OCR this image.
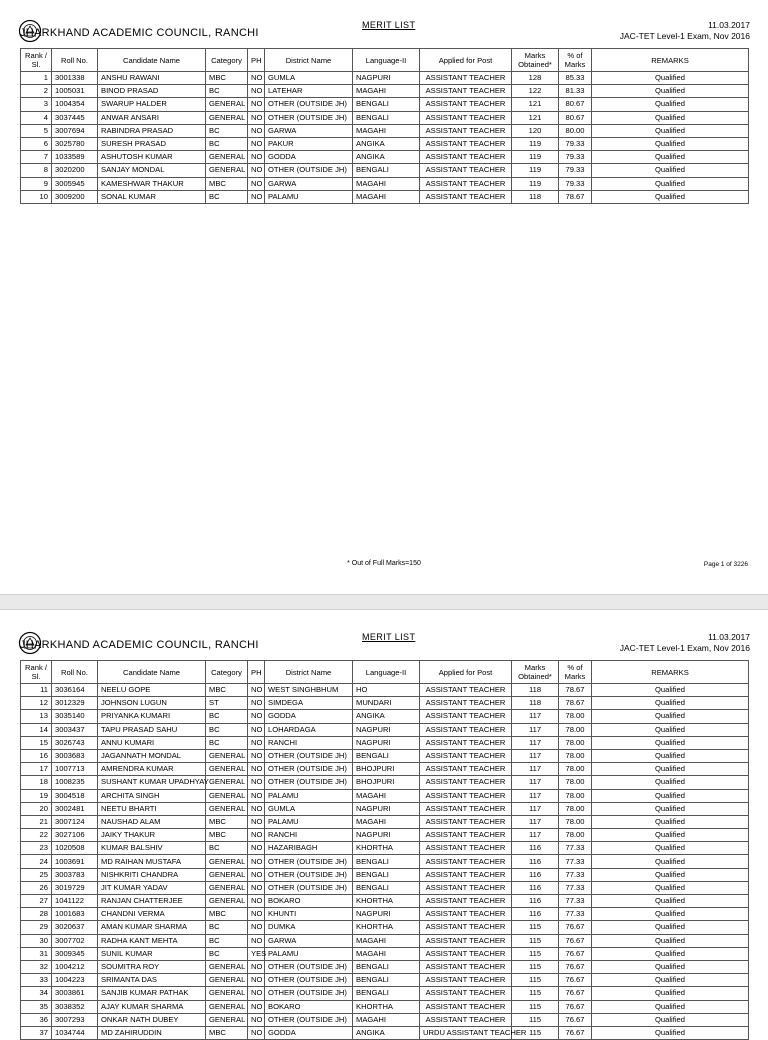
JHARKHAND ACADEMIC COUNCIL, RANCHI
MERIT LIST	11.03.2017
JAC-TET Level-1 Exam, Nov 2016
Rank / Sl.	Roll No.	Candidate Name	Category	PH	District Name	Language-II	Applied for Post	Marks Obtained*	% of Marks	REMARKS
1	3001338	ANSHU RAWANI	MBC	NO	GUMLA	NAGPURI	ASSISTANT TEACHER	128	85.33	Qualified
2	1005031	BINOD PRASAD	BC	NO	LATEHAR	MAGAHI	ASSISTANT TEACHER	122	81.33	Qualified
3	1004354	SWARUP HALDER	GENERAL	NO	OTHER (OUTSIDE JH)	BENGALI	ASSISTANT TEACHER	121	80.67	Qualified
4	3037445	ANWAR ANSARI	GENERAL	NO	OTHER (OUTSIDE JH)	BENGALI	ASSISTANT TEACHER	121	80.67	Qualified
5	3007694	RABINDRA PRASAD	BC	NO	GARWA	MAGAHI	ASSISTANT TEACHER	120	80.00	Qualified
6	3025780	SURESH PRASAD	BC	NO	PAKUR	ANGIKA	ASSISTANT TEACHER	119	79.33	Qualified
7	1033589	ASHUTOSH KUMAR	GENERAL	NO	GODDA	ANGIKA	ASSISTANT TEACHER	119	79.33	Qualified
8	3020200	SANJAY MONDAL	GENERAL	NO	OTHER (OUTSIDE JH)	BENGALI	ASSISTANT TEACHER	119	79.33	Qualified
9	3005945	KAMESHWAR THAKUR	MBC	NO	GARWA	MAGAHI	ASSISTANT TEACHER	119	79.33	Qualified
10	3009200	SONAL KUMAR	BC	NO	PALAMU	MAGAHI	ASSISTANT TEACHER	118	78.67	Qualified
* Out of Full Marks=150	Page 1 of 3226
JHARKHAND ACADEMIC COUNCIL, RANCHI
MERIT LIST	11.03.2017
JAC-TET Level-1 Exam, Nov 2016
Rank / Sl.	Roll No.	Candidate Name	Category	PH	District Name	Language-II	Applied for Post	Marks Obtained*	% of Marks	REMARKS
11	3036164	NEELU GOPE	MBC	NO	WEST SINGHBHUM	HO	ASSISTANT TEACHER	118	78.67	Qualified
12	3012329	JOHNSON LUGUN	ST	NO	SIMDEGA	MUNDARI	ASSISTANT TEACHER	118	78.67	Qualified
13	3035140	PRIYANKA KUMARI	BC	NO	GODDA	ANGIKA	ASSISTANT TEACHER	117	78.00	Qualified
14	3003437	TAPU PRASAD SAHU	BC	NO	LOHARDAGA	NAGPURI	ASSISTANT TEACHER	117	78.00	Qualified
15	3026743	ANNU KUMARI	BC	NO	RANCHI	NAGPURI	ASSISTANT TEACHER	117	78.00	Qualified
16	3003683	JAGANNATH MONDAL	GENERAL	NO	OTHER (OUTSIDE JH)	BENGALI	ASSISTANT TEACHER	117	78.00	Qualified
17	1007713	AMRENDRA KUMAR	GENERAL	NO	OTHER (OUTSIDE JH)	BHOJPURI	ASSISTANT TEACHER	117	78.00	Qualified
18	1008235	SUSHANT KUMAR UPADHYAY	GENERAL	NO	OTHER (OUTSIDE JH)	BHOJPURI	ASSISTANT TEACHER	117	78.00	Qualified
19	3004518	ARCHITA SINGH	GENERAL	NO	PALAMU	MAGAHI	ASSISTANT TEACHER	117	78.00	Qualified
20	3002481	NEETU BHARTI	GENERAL	NO	GUMLA	NAGPURI	ASSISTANT TEACHER	117	78.00	Qualified
21	3007124	NAUSHAD ALAM	MBC	NO	PALAMU	MAGAHI	ASSISTANT TEACHER	117	78.00	Qualified
22	3027106	JAIKY THAKUR	MBC	NO	RANCHI	NAGPURI	ASSISTANT TEACHER	117	78.00	Qualified
23	1020508	KUMAR BALSHIV	BC	NO	HAZARIBAGH	KHORTHA	ASSISTANT TEACHER	116	77.33	Qualified
24	1003691	MD RAIHAN MUSTAFA	GENERAL	NO	OTHER (OUTSIDE JH)	BENGALI	ASSISTANT TEACHER	116	77.33	Qualified
25	3003783	NISHKRITI CHANDRA	GENERAL	NO	OTHER (OUTSIDE JH)	BENGALI	ASSISTANT TEACHER	116	77.33	Qualified
26	3019729	JIT KUMAR YADAV	GENERAL	NO	OTHER (OUTSIDE JH)	BENGALI	ASSISTANT TEACHER	116	77.33	Qualified
27	1041122	RANJAN CHATTERJEE	GENERAL	NO	BOKARO	KHORTHA	ASSISTANT TEACHER	116	77.33	Qualified
28	1001683	CHANDNI VERMA	MBC	NO	KHUNTI	NAGPURI	ASSISTANT TEACHER	116	77.33	Qualified
29	3020637	AMAN KUMAR SHARMA	BC	NO	DUMKA	KHORTHA	ASSISTANT TEACHER	115	76.67	Qualified
30	3007702	RADHA KANT MEHTA	BC	NO	GARWA	MAGAHI	ASSISTANT TEACHER	115	76.67	Qualified
31	3009345	SUNIL KUMAR	BC	YES	PALAMU	MAGAHI	ASSISTANT TEACHER	115	76.67	Qualified
32	1004212	SOUMITRA ROY	GENERAL	NO	OTHER (OUTSIDE JH)	BENGALI	ASSISTANT TEACHER	115	76.67	Qualified
33	1004223	SRIMANTA DAS	GENERAL	NO	OTHER (OUTSIDE JH)	BENGALI	ASSISTANT TEACHER	115	76.67	Qualified
34	3003861	SANJIB KUMAR PATHAK	GENERAL	NO	OTHER (OUTSIDE JH)	BENGALI	ASSISTANT TEACHER	115	76.67	Qualified
35	3038352	AJAY KUMAR SHARMA	GENERAL	NO	BOKARO	KHORTHA	ASSISTANT TEACHER	115	76.67	Qualified
36	3007293	ONKAR NATH DUBEY	GENERAL	NO	OTHER (OUTSIDE JH)	MAGAHI	ASSISTANT TEACHER	115	76.67	Qualified
37	1034744	MD ZAHIRUDDIN	MBC	NO	GODDA	ANGIKA	URDU ASSISTANT TEACHER	115	76.67	Qualified
